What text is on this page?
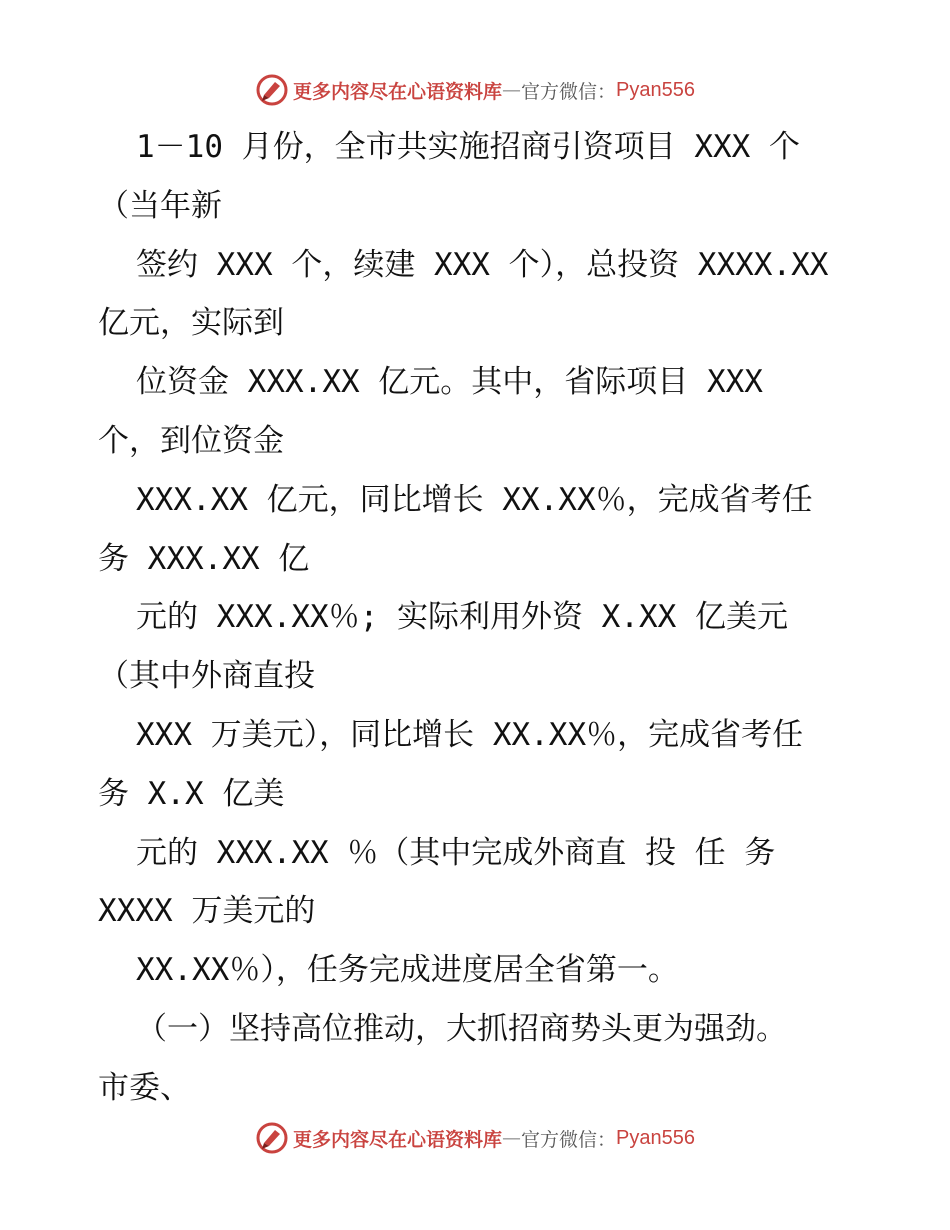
更多内容尽在心语资料库 — 官方微信： Pyan556
1－10 月份，全市共实施招商引资项目 XXX 个
（当年新
签约 XXX 个，续建 XXX 个），总投资 XXXX.XX
亿元，实际到
位资金 XXX.XX 亿元。其中，省际项目 XXX
个，到位资金
XXX.XX 亿元，同比增长 XX.XX％，完成省考任
务 XXX.XX 亿
元的 XXX.XX％; 实际利用外资 X.XX 亿美元
（其中外商直投
XXX 万美元），同比增长 XX.XX％，完成省考任
务 X.X 亿美
元的 XXX.XX ％（其中完成外商直 投 任 务
XXXX 万美元的
XX.XX％），任务完成进度居全省第一。
（一）坚持高位推动，大抓招商势头更为强劲。
市委、
更多内容尽在心语资料库 — 官方微信： Pyan556
